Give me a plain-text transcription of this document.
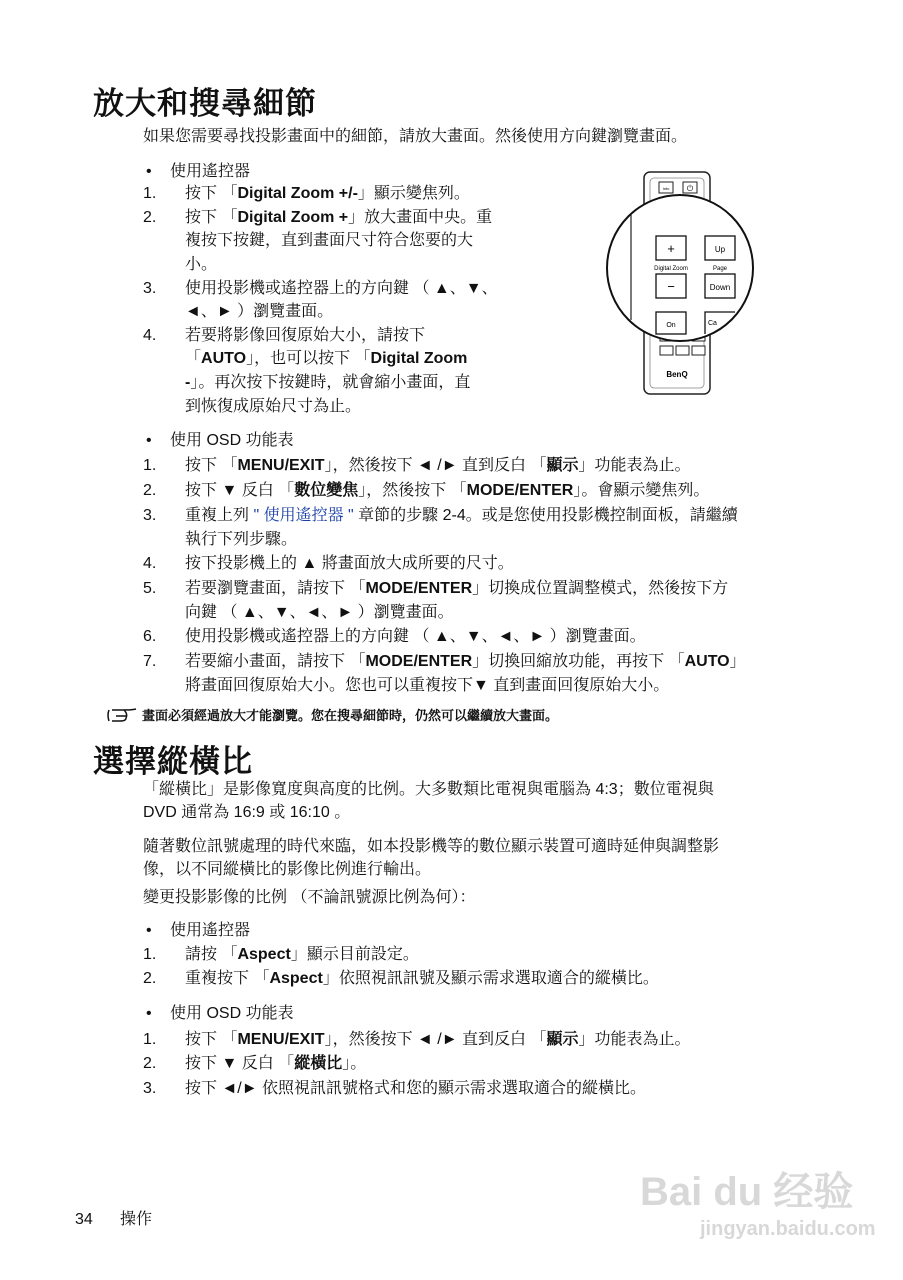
放大和搜尋細節
如果您需要尋找投影畫面中的細節，請放大畫面。然後使用方向鍵瀏覽畫面。
• 使用遙控器
1. 按下 「Digital Zoom +/-」顯示變焦列。
2. 按下 「Digital Zoom +」放大畫面中央。重
複按下按鍵，直到畫面尺寸符合您要的大
小。
3. 使用投影機或遙控器上的方向鍵 （ ▲、▼、
◄、► ）瀏覽畫面。
4. 若要將影像回復原始大小，請按下
「AUTO」，也可以按下 「Digital Zoom
-」。再次按下按鍵時，就會縮小畫面，直
到恢復成原始尺寸為止。
Info ⏻
BenQ
+	Up
Digital Zoom	Page
−	Down
On	Ca
• 使用 OSD 功能表
1. 按下 「MENU/EXIT」，然後按下 ◄ /► 直到反白 「顯示」功能表為止。
2. 按下 ▼ 反白 「數位變焦」，然後按下 「MODE/ENTER」。會顯示變焦列。
3. 重複上列 " 使用遙控器 " 章節的步驟 2-4。或是您使用投影機控制面板，請繼續
執行下列步驟。
4. 按下投影機上的 ▲ 將畫面放大成所要的尺寸。
5. 若要瀏覽畫面，請按下 「MODE/ENTER」切換成位置調整模式，然後按下方
向鍵 （ ▲、▼、◄、► ）瀏覽畫面。
6. 使用投影機或遙控器上的方向鍵 （ ▲、▼、◄、► ）瀏覽畫面。
7. 若要縮小畫面，請按下 「MODE/ENTER」切換回縮放功能，再按下 「AUTO」
將畫面回復原始大小。您也可以重複按下▼ 直到畫面回復原始大小。
畫面必須經過放大才能瀏覽。您在搜尋細節時，仍然可以繼續放大畫面。
選擇縱橫比
「縱橫比」是影像寬度與高度的比例。大多數類比電視與電腦為 4:3；數位電視與
DVD 通常為 16:9 或 16:10 。
隨著數位訊號處理的時代來臨，如本投影機等的數位顯示裝置可適時延伸與調整影
像，以不同縱橫比的影像比例進行輸出。
變更投影影像的比例 （不論訊號源比例為何）：
• 使用遙控器
1. 請按 「Aspect」顯示目前設定。
2. 重複按下 「Aspect」依照視訊訊號及顯示需求選取適合的縱橫比。
• 使用 OSD 功能表
1. 按下 「MENU/EXIT」，然後按下 ◄ /► 直到反白 「顯示」功能表為止。
2. 按下 ▼ 反白 「縱橫比」。
3. 按下 ◄/► 依照視訊訊號格式和您的顯示需求選取適合的縱橫比。
34 操作
Bai du 经验
jingyan.baidu.com
